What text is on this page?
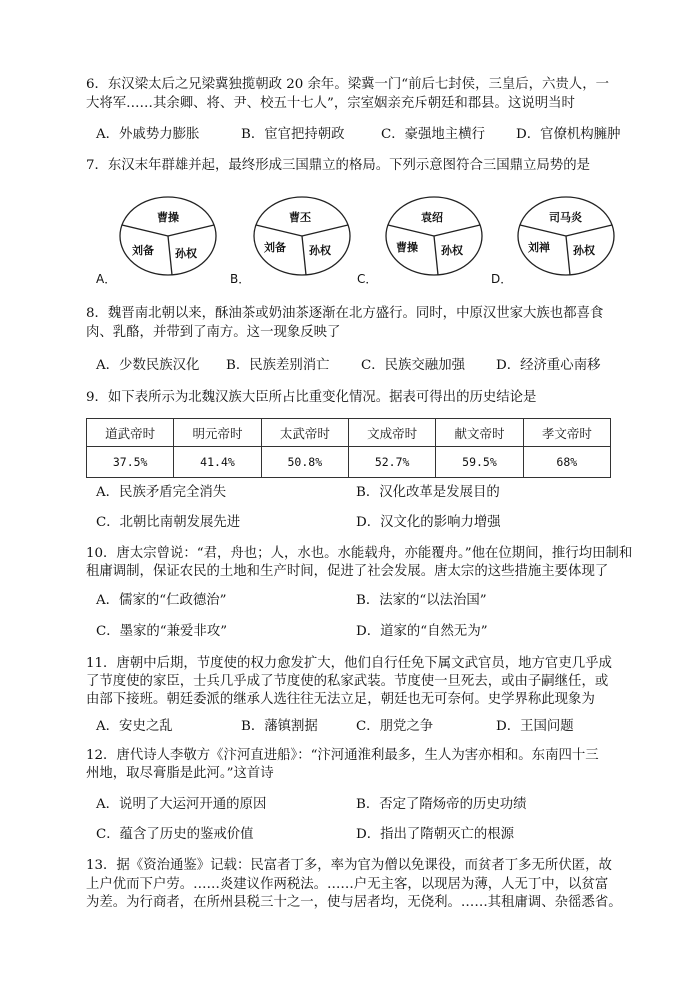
6．东汉梁太后之兄梁冀独揽朝政 20 余年。梁冀一门“前后七封侯，三皇后，六贵人，一
大将军……其余卿、将、尹、校五十七人”，宗室姻亲充斥朝廷和郡县。这说明当时
A．外戚势力膨胀	B．宦官把持朝政	C．豪强地主横行 D．官僚机构臃肿
7．东汉末年群雄并起，最终形成三国鼎立的格局。下列示意图符合三国鼎立局势的是
A．
曹操
刘备 孙权
B．
曹丕
刘备 孙权
C．
袁绍
曹操 孙权
D．
司马炎
刘禅 孙权
8．魏晋南北朝以来，酥油茶或奶油茶逐渐在北方盛行。同时，中原汉世家大族也都喜食
肉、乳酪，并带到了南方。这一现象反映了
A．少数民族汉化 B．民族差别消亡 C．民族交融加强 D．经济重心南移
9．如下表所示为北魏汉族大臣所占比重变化情况。据表可得出的历史结论是
道武帝时	明元帝时	太武帝时	文成帝时	献文帝时	孝文帝时
37.5%	41.4%	50.8%	52.7%	59.5%	68%
A．民族矛盾完全消失	B．汉化改革是发展目的
C．北朝比南朝发展先进	D．汉文化的影响力增强
10．唐太宗曾说：“君，舟也；人，水也。水能载舟，亦能覆舟。”他在位期间，推行均田制和
租庸调制，保证农民的土地和生产时间，促进了社会发展。唐太宗的这些措施主要体现了
A．儒家的“仁政德治”	B．法家的“以法治国”
C．墨家的“兼爱非攻”	D．道家的“自然无为”
11．唐朝中后期，节度使的权力愈发扩大，他们自行任免下属文武官员，地方官吏几乎成
了节度使的家臣，士兵几乎成了节度使的私家武装。节度使一旦死去，或由子嗣继任，或
由部下接班。朝廷委派的继承人选往往无法立足，朝廷也无可奈何。史学界称此现象为
A．安史之乱	B．藩镇割据	C．朋党之争	D．王国问题
12．唐代诗人李敬方《汴河直进船》：“汴河通淮利最多，生人为害亦相和。东南四十三
州地，取尽膏脂是此河。”这首诗
A．说明了大运河开通的原因	B．否定了隋炀帝的历史功绩
C．蕴含了历史的鉴戒价值	D．指出了隋朝灭亡的根源
13．据《资治通鉴》记载：民富者丁多，率为官为僧以免课役，而贫者丁多无所伏匿，故
上户优而下户劳。……炎建议作两税法。……户无主客，以现居为薄，人无丁中，以贫富
为差。为行商者，在所州县税三十之一，使与居者均，无侥利。……其租庸调、杂徭悉省。
